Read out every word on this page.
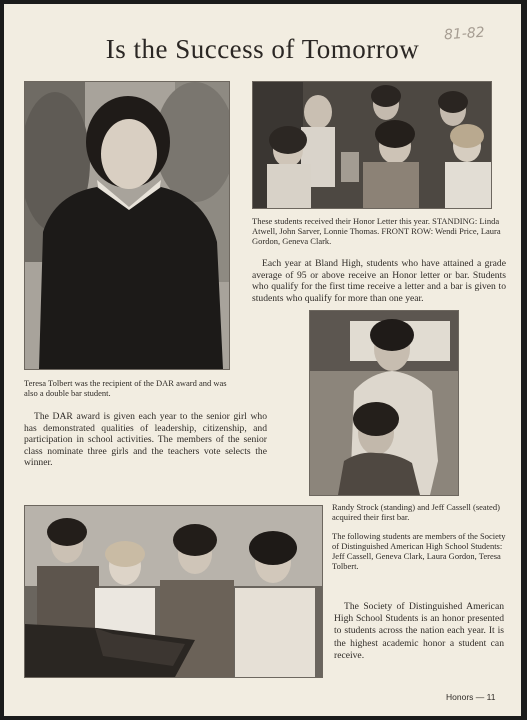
Is the Success of Tomorrow	81-82
These students received their Honor Letter this year. STANDING: Linda Atwell, John Sarver, Lonnie Thomas. FRONT ROW: Wendi Price, Laura Gordon, Geneva Clark.
Each year at Bland High, students who have attained a grade average of 95 or above receive an Honor letter or bar. Students who qualify for the first time receive a letter and a bar is given to students who qualify for more than one year.
Teresa Tolbert was the recipient of the DAR award and was also a double bar student.
The DAR award is given each year to the senior girl who has demonstrated qualities of leadership, citizenship, and participation in school activities. The members of the senior class nominate three girls and the teachers vote selects the winner.
Randy Strock (standing) and Jeff Cassell (seated) acquired their first bar.
The following students are members of the Society of Distinguished American High School Students: Jeff Cassell, Geneva Clark, Laura Gordon, Teresa Tolbert.
The Society of Distinguished American High School Students is an honor presented to students across the nation each year. It is the highest academic honor a student can receive.
Honors — 11
